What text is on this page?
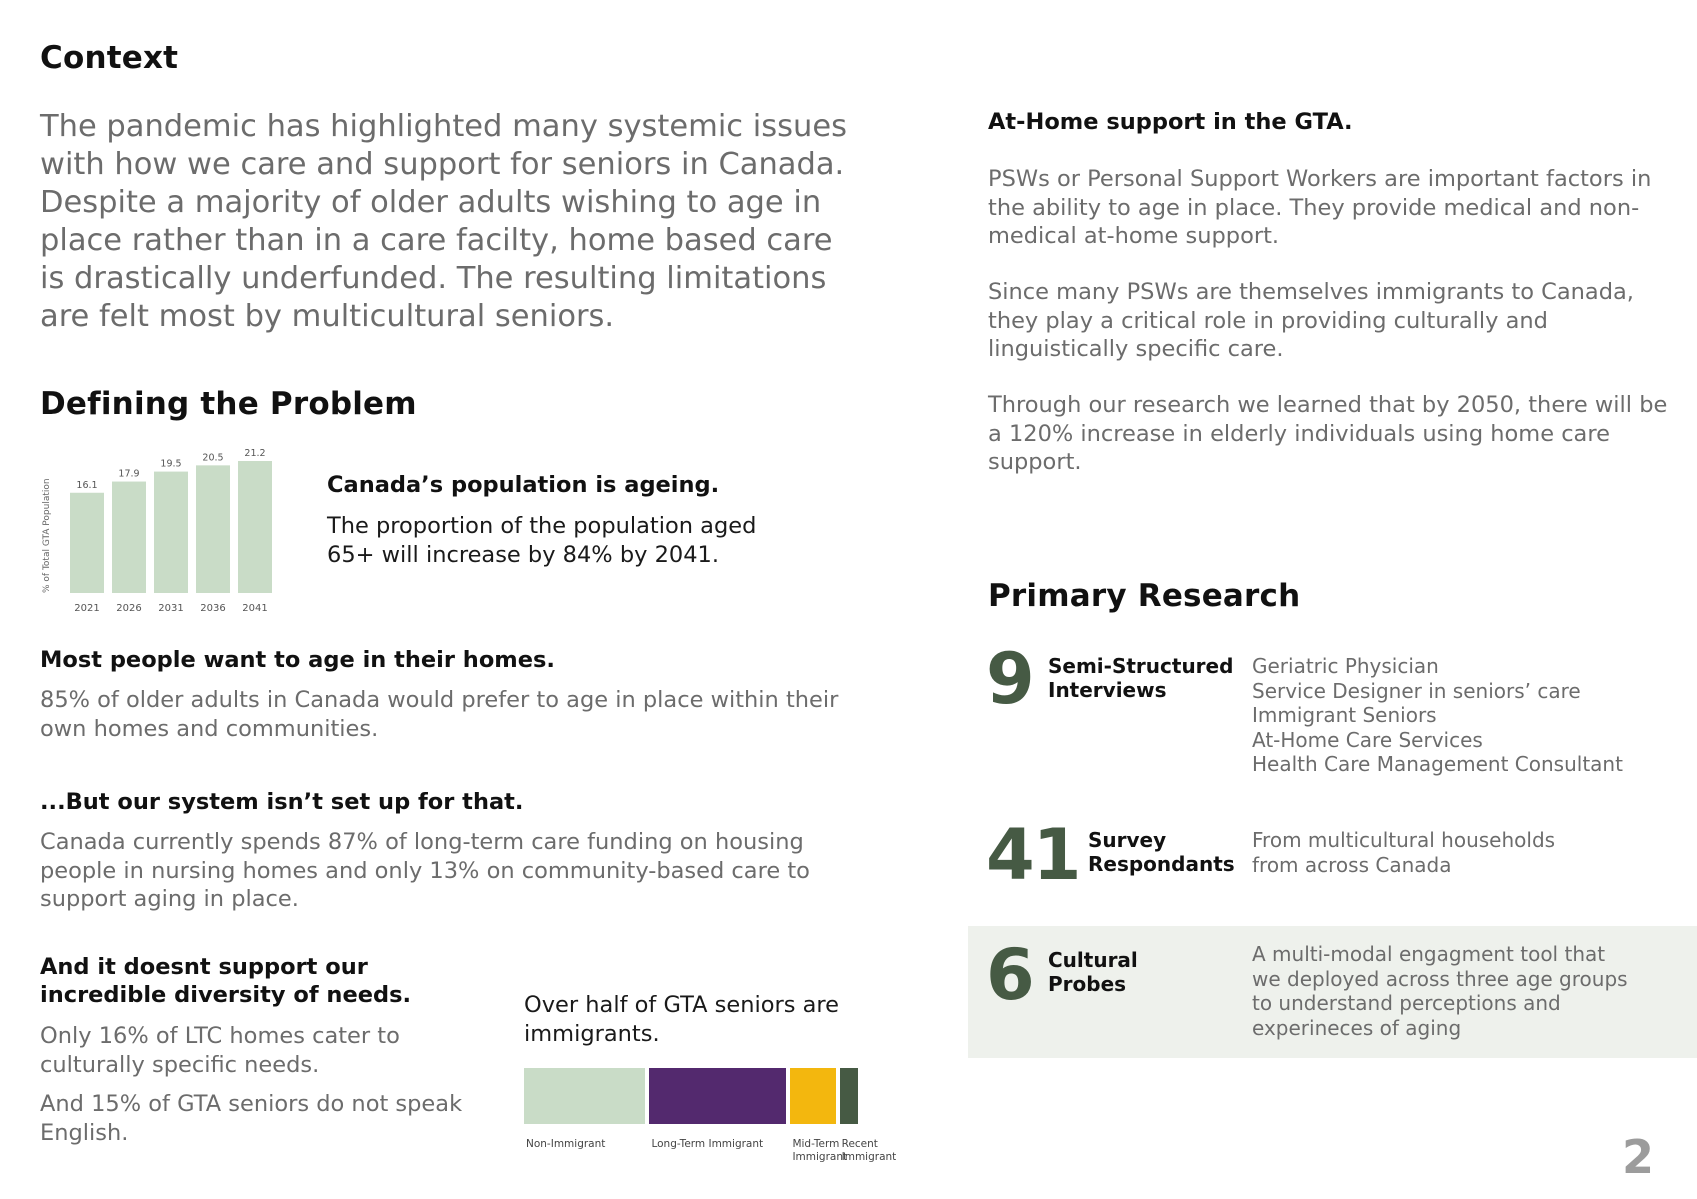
Context
The pandemic has highlighted many systemic issues with how we care and support for seniors in Canada. Despite a majority of older adults wishing to age in place rather than in a care facilty, home based care is drastically underfunded. The resulting limitations are felt most by multicultural seniors.
Defining the Problem
% of Total GTA Population	16.1
2021
17.9
2026
19.5
2031
20.5
2036
21.2
2041
Canada’s population is ageing.
The proportion of the population aged 65+ will increase by 84% by 2041.
Most people want to age in their homes.
85% of older adults in Canada would prefer to age in place within their own homes and communities.
...But our system isn’t set up for that.
Canada currently spends 87% of long-term care funding on housing people in nursing homes and only 13% on community-based care to support aging in place.
And it doesnt support our incredible diversity of needs.
Only 16% of LTC homes cater to culturally specific needs.
And 15% of GTA seniors do not speak English.
Over half of GTA seniors are immigrants.
Non-Immigrant	Long-Term Immigrant	Mid-Term Immigrant
Recent Immigrant
At-Home support in the GTA.
PSWs or Personal Support Workers are important factors in the ability to age in place. They provide medical and non-medical at-home support.
Since many PSWs are themselves immigrants to Canada, they play a critical role in providing culturally and linguistically specific care.
Through our research we learned that by 2050, there will be a 120% increase in elderly individuals using home care support.
Primary Research
9 Semi-Structured
Interviews
Geriatric Physician
Service Designer in seniors’ care
Immigrant Seniors
At-Home Care Services
Health Care Management Consultant
41 Survey
Respondants
From multicultural households
from across Canada
6 Cultural
Probes
A multi-modal engagment tool that
we deployed across three age groups
to understand perceptions and
experineces of aging
2
